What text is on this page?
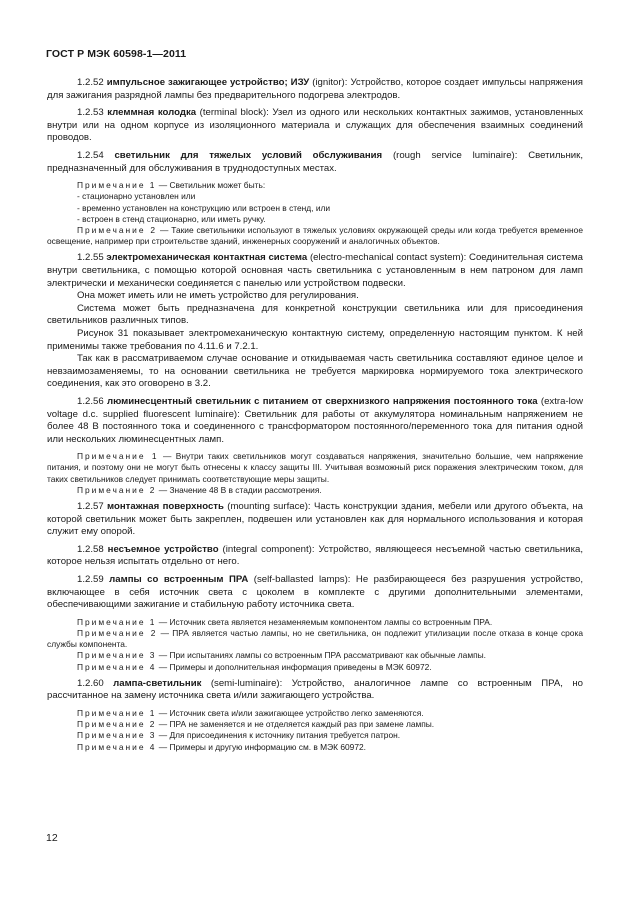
ГОСТ Р МЭК 60598-1—2011

1.2.52 импульсное зажигающее устройство; ИЗУ (ignitor): Устройство, которое создает импульсы напряжения для зажигания разрядной лампы без предварительного подогрева электродов.

1.2.53 клеммная колодка (terminal block): Узел из одного или нескольких контактных зажимов, установленных внутри или на одном корпусе из изоляционного материала и служащих для обеспечения взаимных соединений проводов.

1.2.54 светильник для тяжелых условий обслуживания (rough service luminaire): Светильник, предназначенный для обслуживания в труднодоступных местах.

Примечание 1 — Светильник может быть:

- стационарно установлен или

- временно установлен на конструкцию или встроен в стенд, или

- встроен в стенд стационарно, или иметь ручку.

Примечание 2 — Такие светильники используют в тяжелых условиях окружающей среды или когда требуется временное освещение, например при строительстве зданий, инженерных сооружений и аналогичных объектов.

1.2.55 электромеханическая контактная система (electro-mechanical contact system): Соединительная система внутри светильника, с помощью которой основная часть светильника с установленным в нем патроном для ламп электрически и механически соединяется с панелью или устройством подвески.

Она может иметь или не иметь устройство для регулирования.

Система может быть предназначена для конкретной конструкции светильника или для присоединения светильников различных типов.

Рисунок 31 показывает электромеханическую контактную систему, определенную настоящим пунктом. К ней применимы также требования по 4.11.6 и 7.2.1.

Так как в рассматриваемом случае основание и откидываемая часть светильника составляют единое целое и невзаимозаменяемы, то на основании светильника не требуется маркировка нормируемого тока электрического соединения, как это оговорено в 3.2.

1.2.56 люминесцентный светильник с питанием от сверхнизкого напряжения постоянного тока (extra-low voltage d.c. supplied fluorescent luminaire): Светильник для работы от аккумулятора номинальным напряжением не более 48 В постоянного тока и соединенного с трансформатором постоянного/переменного тока для питания одной или нескольких люминесцентных ламп.

Примечание 1 — Внутри таких светильников могут создаваться напряжения, значительно большие, чем напряжение питания, и поэтому они не могут быть отнесены к классу защиты III. Учитывая возможный риск поражения электрическим током, для таких светильников следует принимать соответствующие меры защиты.

Примечание 2 — Значение 48 В в стадии рассмотрения.

1.2.57 монтажная поверхность (mounting surface): Часть конструкции здания, мебели или другого объекта, на которой светильник может быть закреплен, подвешен или установлен как для нормального использования и которая служит ему опорой.

1.2.58 несъемное устройство (integral component): Устройство, являющееся несъемной частью светильника, которое нельзя испытать отдельно от него.

1.2.59 лампы со встроенным ПРА (self-ballasted lamps): Не разбирающееся без разрушения устройство, включающее в себя источник света с цоколем в комплекте с другими дополнительными элементами, обеспечивающими зажигание и стабильную работу источника света.

Примечание 1 — Источник света является незаменяемым компонентом лампы со встроенным ПРА.

Примечание 2 — ПРА является частью лампы, но не светильника, он подлежит утилизации после отказа в конце срока службы компонента.

Примечание 3 — При испытаниях лампы со встроенным ПРА рассматривают как обычные лампы.

Примечание 4 — Примеры и дополнительная информация приведены в МЭК 60972.

1.2.60 лампа-светильник (semi-luminaire): Устройство, аналогичное лампе со встроенным ПРА, но рассчитанное на замену источника света и/или зажигающего устройства.

Примечание 1 — Источник света и/или зажигающее устройство легко заменяются.

Примечание 2 — ПРА не заменяется и не отделяется каждый раз при замене лампы.

Примечание 3 — Для присоединения к источнику питания требуется патрон.

Примечание 4 — Примеры и другую информацию см. в МЭК 60972.

12
